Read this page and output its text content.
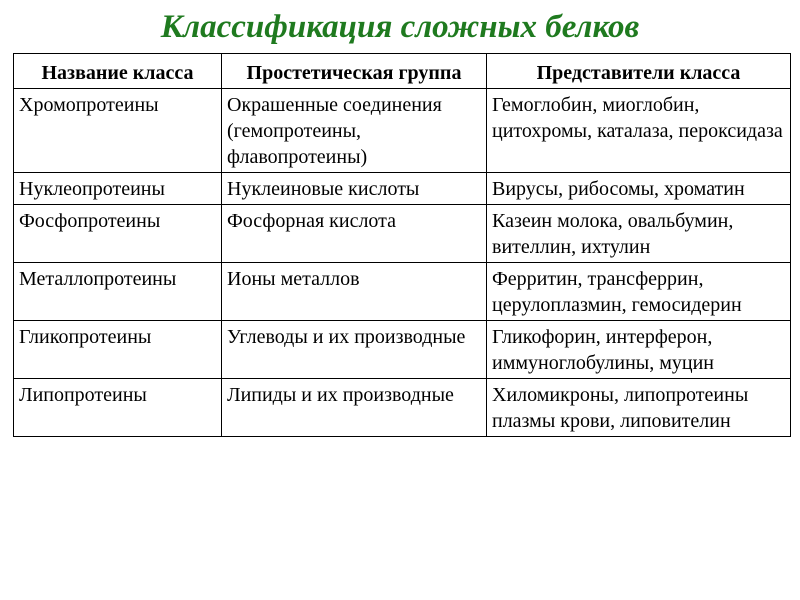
Классификация сложных белков
Название класса	Простетическая группа	Представители класса
Хромопротеины	Окрашенные соединения (гемопротеины, флавопротеины)	Гемоглобин, миоглобин, цитохромы, каталаза, пероксидаза
Нуклеопротеины	Нуклеиновые кислоты	Вирусы, рибосомы, хроматин
Фосфопротеины	Фосфорная кислота	Казеин молока, овальбумин, вителлин, ихтулин
Металлопротеины	Ионы металлов	Ферритин, трансферрин, церулоплазмин, гемосидерин
Гликопротеины	Углеводы и их производные	Гликофорин, интерферон, иммуноглобулины, муцин
Липопротеины	Липиды и их производные	Хиломикроны, липопротеины плазмы крови, липовителин
